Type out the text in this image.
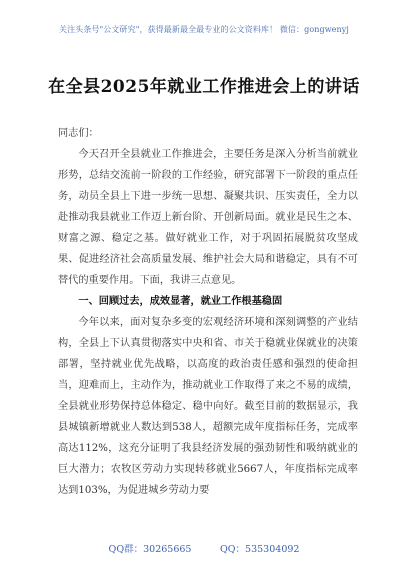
关注头条号"公文研究"，获得最新最全最专业的公文资料库！ 微信：gongwenyj
在全县2025年就业工作推进会上的讲话

同志们：

今天召开全县就业工作推进会，主要任务是深入分析当前就业形势，总结交流前一阶段的工作经验，研究部署下一阶段的重点任务，动员全县上下进一步统一思想、凝聚共识、压实责任，全力以赴推动我县就业工作迈上新台阶、开创新局面。就业是民生之本、财富之源、稳定之基。做好就业工作，对于巩固拓展脱贫攻坚成果、促进经济社会高质量发展、维护社会大局和谐稳定，具有不可替代的重要作用。下面，我讲三点意见。

一、回顾过去，成效显著，就业工作根基稳固

今年以来，面对复杂多变的宏观经济环境和深刻调整的产业结构，全县上下认真贯彻落实中央和省、市关于稳就业保就业的决策部署，坚持就业优先战略，以高度的政治责任感和强烈的使命担当，迎难而上，主动作为，推动就业工作取得了来之不易的成绩，全县就业形势保持总体稳定、稳中向好。截至目前的数据显示，我县城镇新增就业人数达到538人，超额完成年度指标任务，完成率高达112%，这充分证明了我县经济发展的强劲韧性和吸纳就业的巨大潜力；农牧区劳动力实现转移就业5667人，年度指标完成率达到103%，为促进城乡劳动力要

QQ群：30265665　　　QQ：535304092
